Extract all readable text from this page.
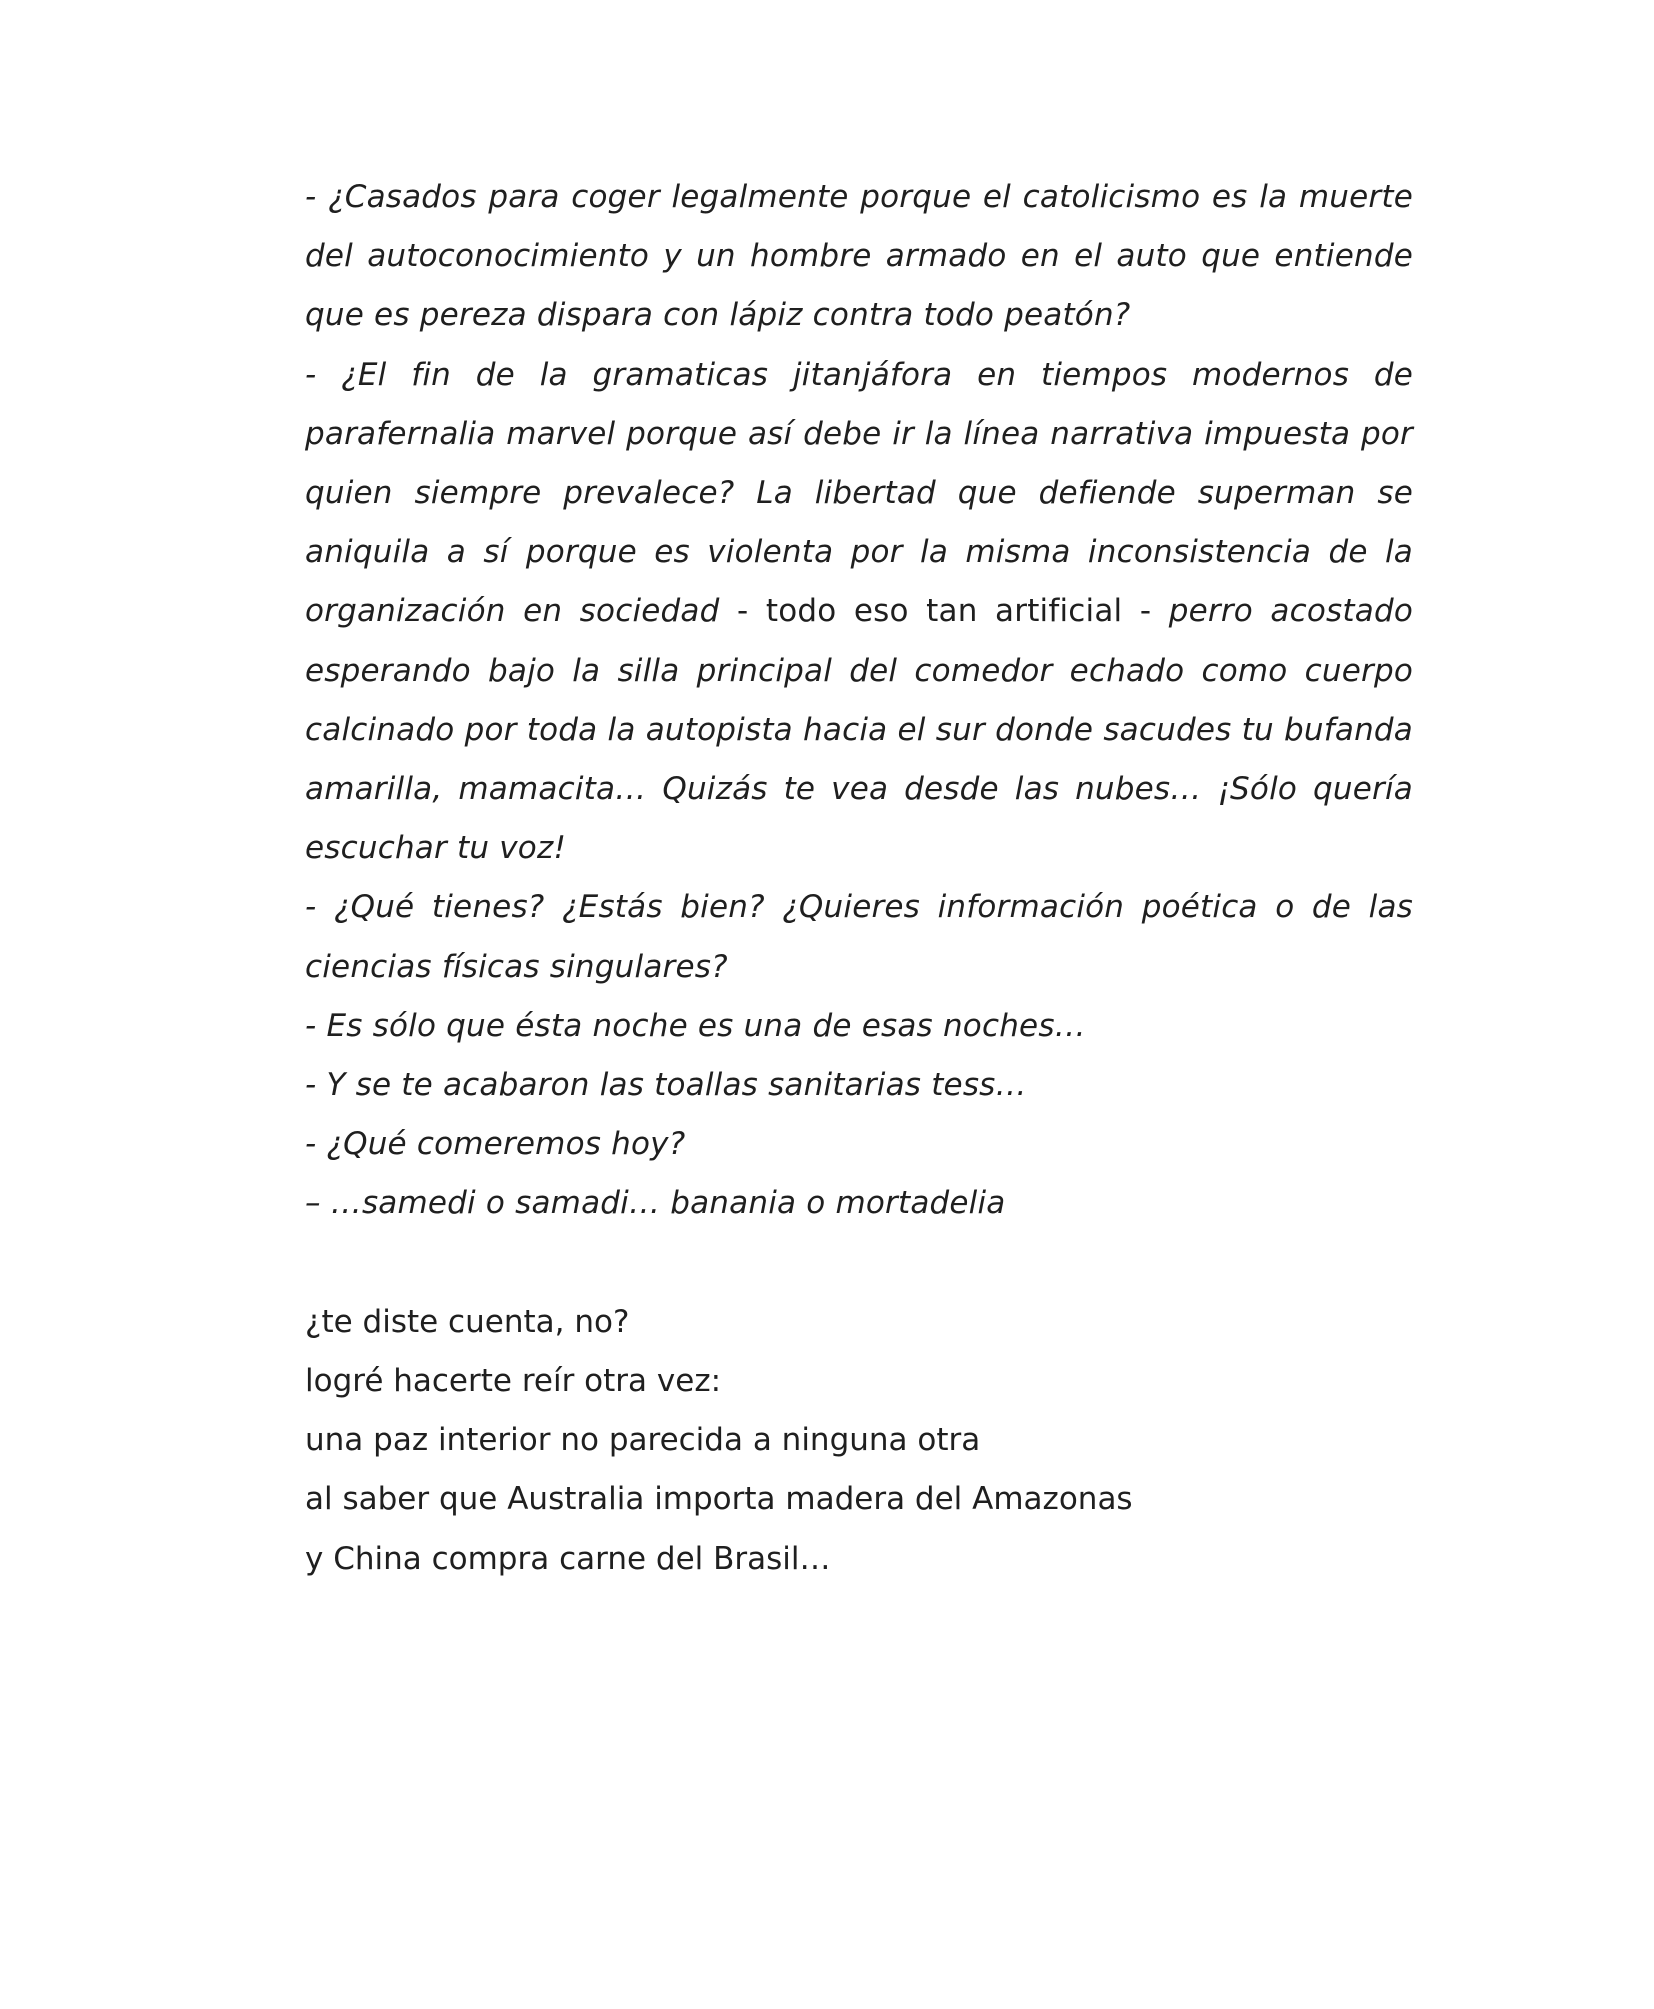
- ¿Casados para coger legalmente porque el catolicismo es la muerte del autoconocimiento y un hombre armado en el auto que entiende que es pereza dispara con lápiz contra todo peatón?

- ¿El fin de la gramaticas jitanjáfora en tiempos modernos de parafernalia marvel porque así debe ir la línea narrativa impuesta por quien siempre prevalece? La libertad que defiende superman se aniquila a sí porque es violenta por la misma inconsistencia de la organización en sociedad - todo eso tan artificial - perro acostado esperando bajo la silla principal del comedor echado como cuerpo calcinado por toda la autopista hacia el sur donde sacudes tu bufanda amarilla, mamacita… Quizás te vea desde las nubes… ¡Sólo quería escuchar tu voz!

- ¿Qué tienes? ¿Estás bien? ¿Quieres información poética o de las ciencias físicas singulares?

- Es sólo que ésta noche es una de esas noches…

- Y se te acabaron las toallas sanitarias tess…

- ¿Qué comeremos hoy?

– …samedi o samadi… banania o mortadelia

¿te diste cuenta, no?

logré hacerte reír otra vez:

una paz interior no parecida a ninguna otra

al saber que Australia importa madera del Amazonas

y China compra carne del Brasil…
